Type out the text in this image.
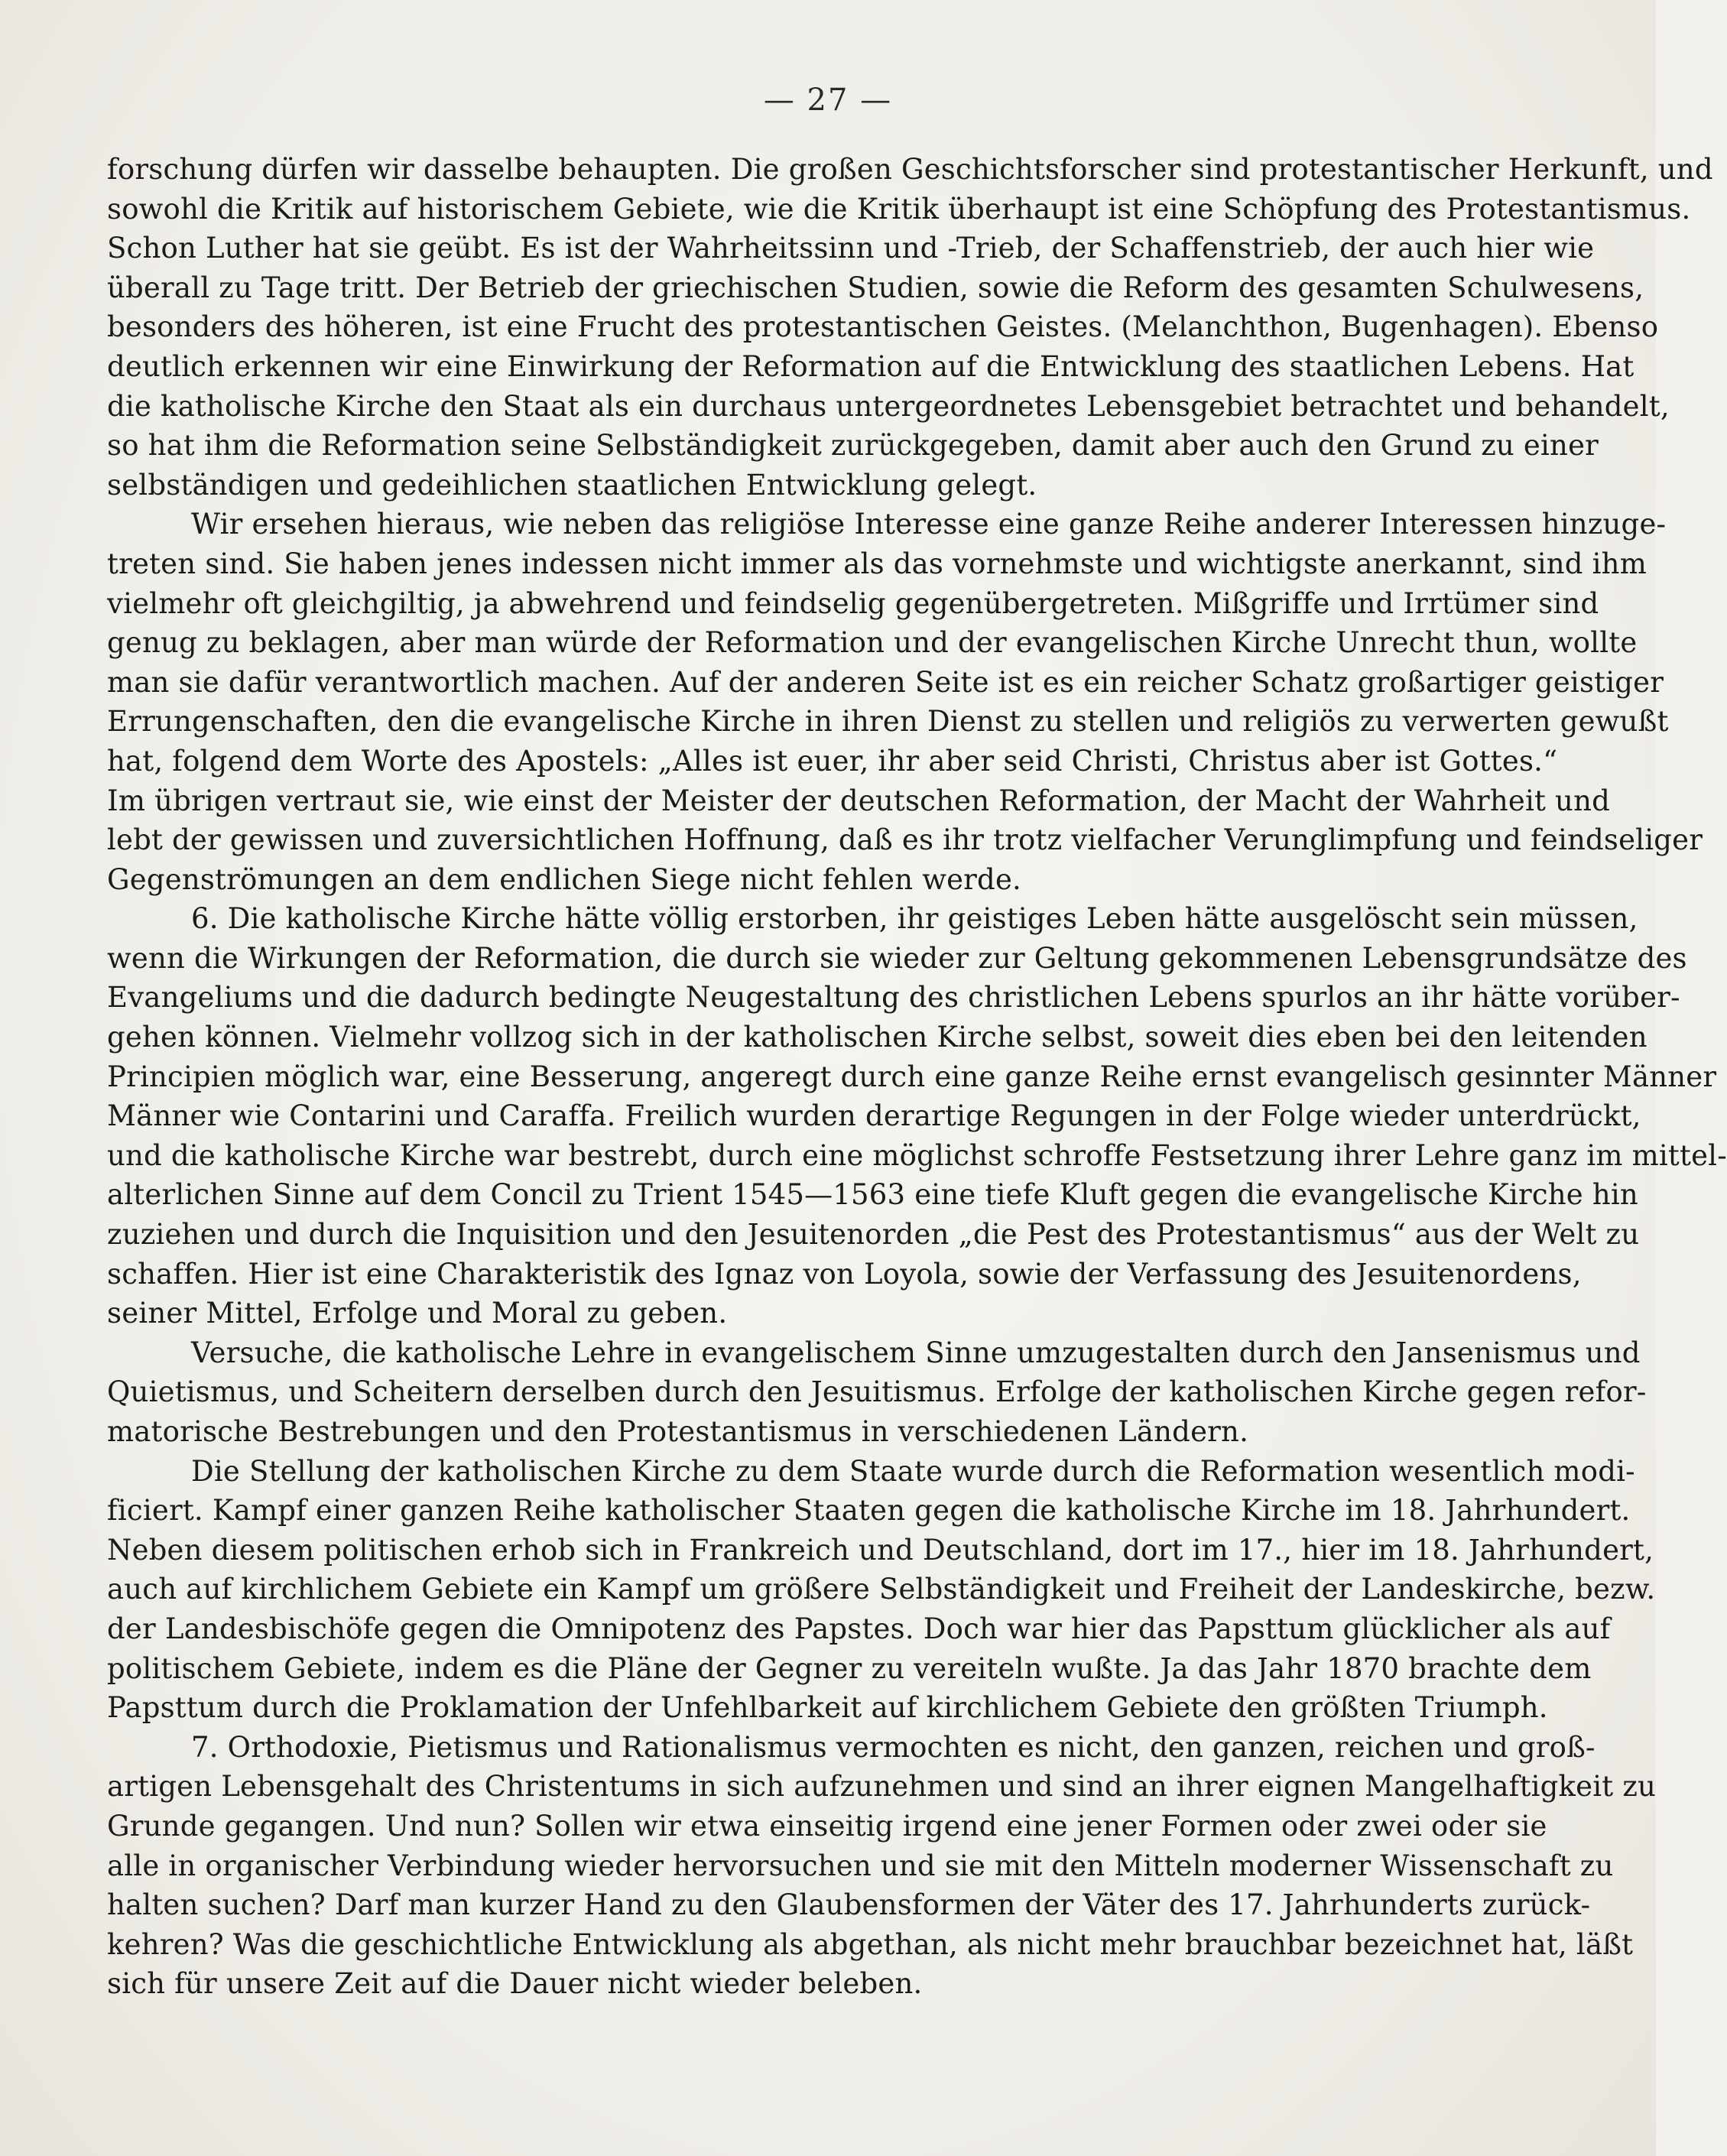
— 27 —
forschung dürfen wir dasselbe behaupten. Die großen Geschichtsforscher sind protestantischer Herkunft, und
sowohl die Kritik auf historischem Gebiete, wie die Kritik überhaupt ist eine Schöpfung des Protestantismus.
Schon Luther hat sie geübt. Es ist der Wahrheitssinn und -Trieb, der Schaffenstrieb, der auch hier wie
überall zu Tage tritt. Der Betrieb der griechischen Studien, sowie die Reform des gesamten Schulwesens,
besonders des höheren, ist eine Frucht des protestantischen Geistes. (Melanchthon, Bugenhagen). Ebenso
deutlich erkennen wir eine Einwirkung der Reformation auf die Entwicklung des staatlichen Lebens. Hat
die katholische Kirche den Staat als ein durchaus untergeordnetes Lebensgebiet betrachtet und behandelt,
so hat ihm die Reformation seine Selbständigkeit zurückgegeben, damit aber auch den Grund zu einer
selbständigen und gedeihlichen staatlichen Entwicklung gelegt.
Wir ersehen hieraus, wie neben das religiöse Interesse eine ganze Reihe anderer Interessen hinzuge-
treten sind. Sie haben jenes indessen nicht immer als das vornehmste und wichtigste anerkannt, sind ihm
vielmehr oft gleichgiltig, ja abwehrend und feindselig gegenübergetreten. Mißgriffe und Irrtümer sind
genug zu beklagen, aber man würde der Reformation und der evangelischen Kirche Unrecht thun, wollte
man sie dafür verantwortlich machen. Auf der anderen Seite ist es ein reicher Schatz großartiger geistiger
Errungenschaften, den die evangelische Kirche in ihren Dienst zu stellen und religiös zu verwerten gewußt
hat, folgend dem Worte des Apostels: „Alles ist euer, ihr aber seid Christi, Christus aber ist Gottes.“
Im übrigen vertraut sie, wie einst der Meister der deutschen Reformation, der Macht der Wahrheit und
lebt der gewissen und zuversichtlichen Hoffnung, daß es ihr trotz vielfacher Verunglimpfung und feindseliger
Gegenströmungen an dem endlichen Siege nicht fehlen werde.
6. Die katholische Kirche hätte völlig erstorben, ihr geistiges Leben hätte ausgelöscht sein müssen,
wenn die Wirkungen der Reformation, die durch sie wieder zur Geltung gekommenen Lebensgrundsätze des
Evangeliums und die dadurch bedingte Neugestaltung des christlichen Lebens spurlos an ihr hätte vorüber-
gehen können. Vielmehr vollzog sich in der katholischen Kirche selbst, soweit dies eben bei den leitenden
Principien möglich war, eine Besserung, angeregt durch eine ganze Reihe ernst evangelisch gesinnter Männer
Männer wie Contarini und Caraffa. Freilich wurden derartige Regungen in der Folge wieder unterdrückt,
und die katholische Kirche war bestrebt, durch eine möglichst schroffe Festsetzung ihrer Lehre ganz im mittel-
alterlichen Sinne auf dem Concil zu Trient 1545—1563 eine tiefe Kluft gegen die evangelische Kirche hin
zuziehen und durch die Inquisition und den Jesuitenorden „die Pest des Protestantismus“ aus der Welt zu
schaffen. Hier ist eine Charakteristik des Ignaz von Loyola, sowie der Verfassung des Jesuitenordens,
seiner Mittel, Erfolge und Moral zu geben.
Versuche, die katholische Lehre in evangelischem Sinne umzugestalten durch den Jansenismus und
Quietismus, und Scheitern derselben durch den Jesuitismus. Erfolge der katholischen Kirche gegen refor-
matorische Bestrebungen und den Protestantismus in verschiedenen Ländern.
Die Stellung der katholischen Kirche zu dem Staate wurde durch die Reformation wesentlich modi-
ficiert. Kampf einer ganzen Reihe katholischer Staaten gegen die katholische Kirche im 18. Jahrhundert.
Neben diesem politischen erhob sich in Frankreich und Deutschland, dort im 17., hier im 18. Jahrhundert,
auch auf kirchlichem Gebiete ein Kampf um größere Selbständigkeit und Freiheit der Landeskirche, bezw.
der Landesbischöfe gegen die Omnipotenz des Papstes. Doch war hier das Papsttum glücklicher als auf
politischem Gebiete, indem es die Pläne der Gegner zu vereiteln wußte. Ja das Jahr 1870 brachte dem
Papsttum durch die Proklamation der Unfehlbarkeit auf kirchlichem Gebiete den größten Triumph.
7. Orthodoxie, Pietismus und Rationalismus vermochten es nicht, den ganzen, reichen und groß-
artigen Lebensgehalt des Christentums in sich aufzunehmen und sind an ihrer eignen Mangelhaftigkeit zu
Grunde gegangen. Und nun? Sollen wir etwa einseitig irgend eine jener Formen oder zwei oder sie
alle in organischer Verbindung wieder hervorsuchen und sie mit den Mitteln moderner Wissenschaft zu
halten suchen? Darf man kurzer Hand zu den Glaubensformen der Väter des 17. Jahrhunderts zurück-
kehren? Was die geschichtliche Entwicklung als abgethan, als nicht mehr brauchbar bezeichnet hat, läßt
sich für unsere Zeit auf die Dauer nicht wieder beleben.
